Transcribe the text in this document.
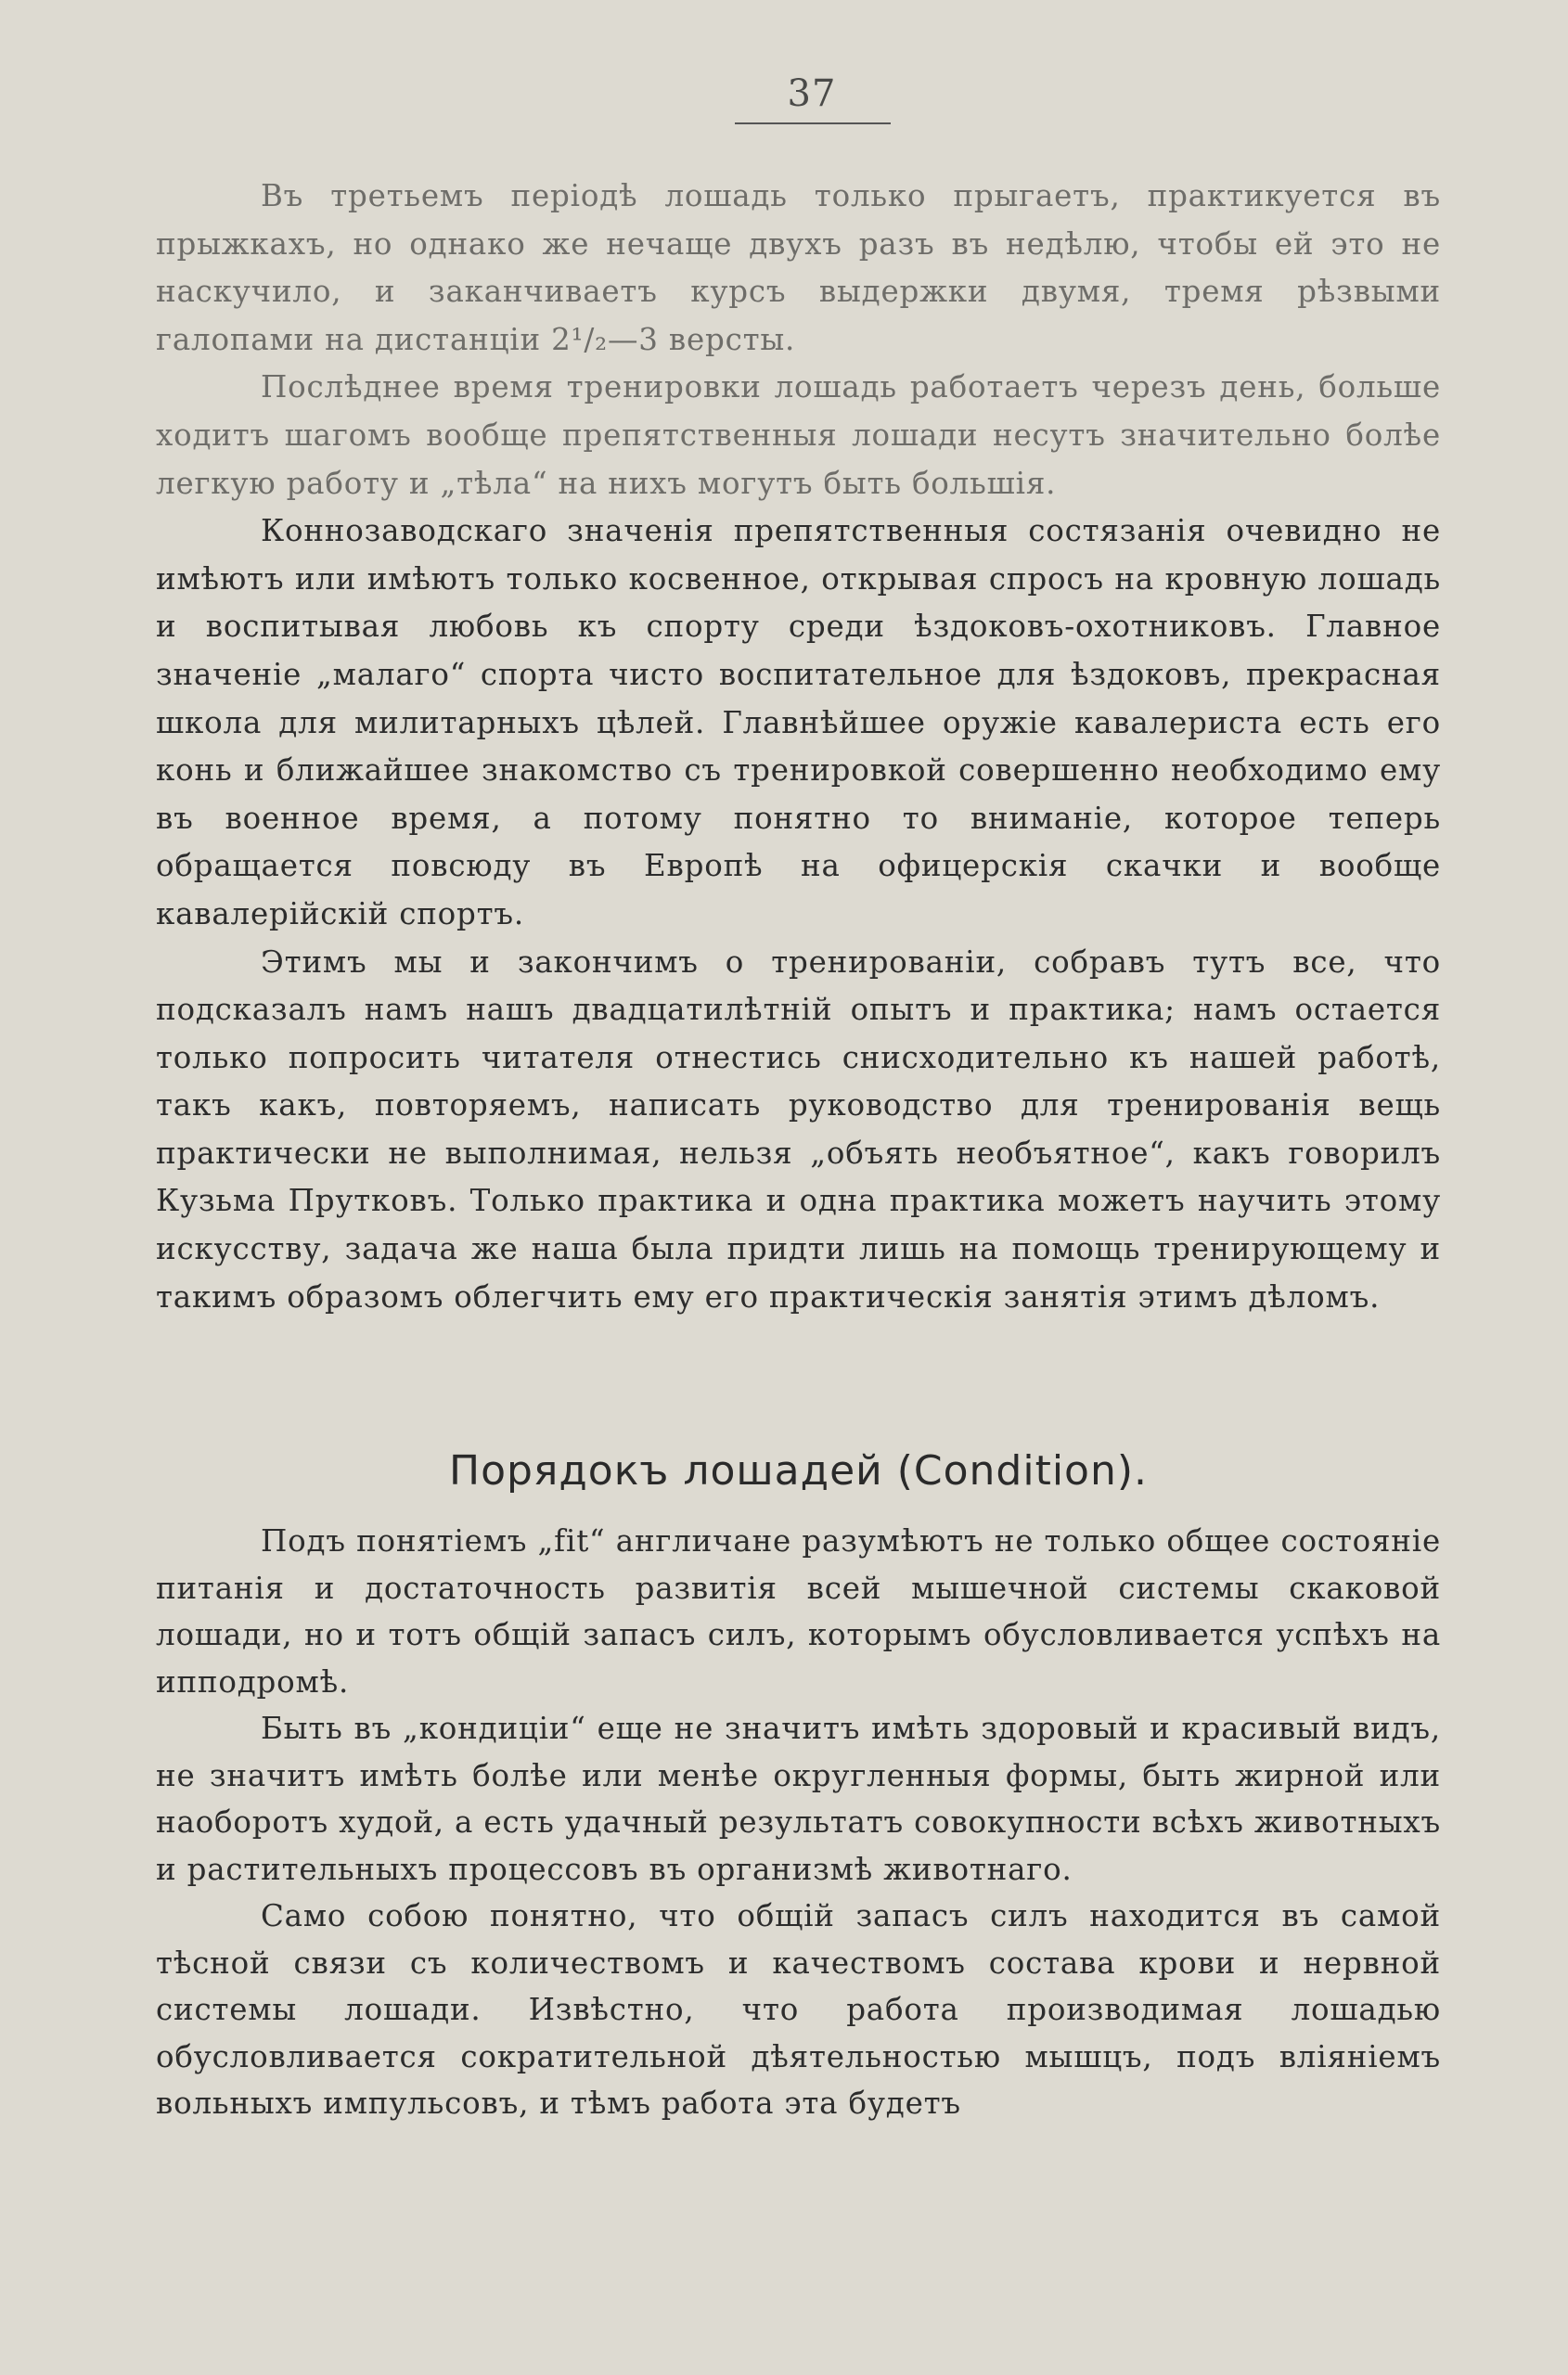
37

Въ третьемъ періодѣ лошадь только прыгаетъ, практикуется въ прыжкахъ, но однако же нечаще двухъ разъ въ недѣлю, чтобы ей это не наскучило, и заканчиваетъ курсъ выдержки двумя, тремя рѣзвыми галопами на дистанціи 2¹/₂—3 версты.

Послѣднее время тренировки лошадь работаетъ черезъ день, больше ходитъ шагомъ вообще препятственныя лошади несутъ значительно болѣе легкую работу и „тѣла“ на нихъ могутъ быть большія.

Коннозаводскаго значенія препятственныя состязанія очевидно не имѣютъ или имѣютъ только косвенное, открывая спросъ на кровную лошадь и воспитывая любовь къ спорту среди ѣздоковъ-охотниковъ. Главное значеніе „малаго“ спорта чисто воспитательное для ѣздоковъ, прекрасная школа для милитарныхъ цѣлей. Главнѣйшее оружіе кавалериста есть его конь и ближайшее знакомство съ тренировкой совершенно необходимо ему въ военное время, а потому понятно то вниманіе, которое теперь обращается повсюду въ Европѣ на офицерскія скачки и вообще кавалерійскій спортъ.

Этимъ мы и закончимъ о тренированіи, собравъ тутъ все, что подсказалъ намъ нашъ двадцатилѣтній опытъ и практика; намъ остается только попросить читателя отнестись снисходительно къ нашей работѣ, такъ какъ, повторяемъ, написать руководство для тренированія вещь практически не выполнимая, нельзя „объять необъятное“, какъ говорилъ Кузьма Прутковъ. Только практика и одна практика можетъ научить этому искусству, задача же наша была придти лишь на помощь тренирующему и такимъ образомъ облегчить ему его практическія занятія этимъ дѣломъ.

Порядокъ лошадей (Condition).

Подъ понятіемъ „fit“ англичане разумѣютъ не только общее состояніе питанія и достаточность развитія всей мышечной системы скаковой лошади, но и тотъ общій запасъ силъ, которымъ обусловливается успѣхъ на ипподромѣ.

Быть въ „кондиціи“ еще не значитъ имѣть здоровый и красивый видъ, не значитъ имѣть болѣе или менѣе округленныя формы, быть жирной или наоборотъ худой, а есть удачный результатъ совокупности всѣхъ животныхъ и растительныхъ процессовъ въ организмѣ животнаго.

Само собою понятно, что общій запасъ силъ находится въ самой тѣсной связи съ количествомъ и качествомъ состава крови и нервной системы лошади. Извѣстно, что работа производимая лошадью обусловливается сократительной дѣятельностью мышцъ, подъ вліяніемъ вольныхъ импульсовъ, и тѣмъ работа эта будетъ
